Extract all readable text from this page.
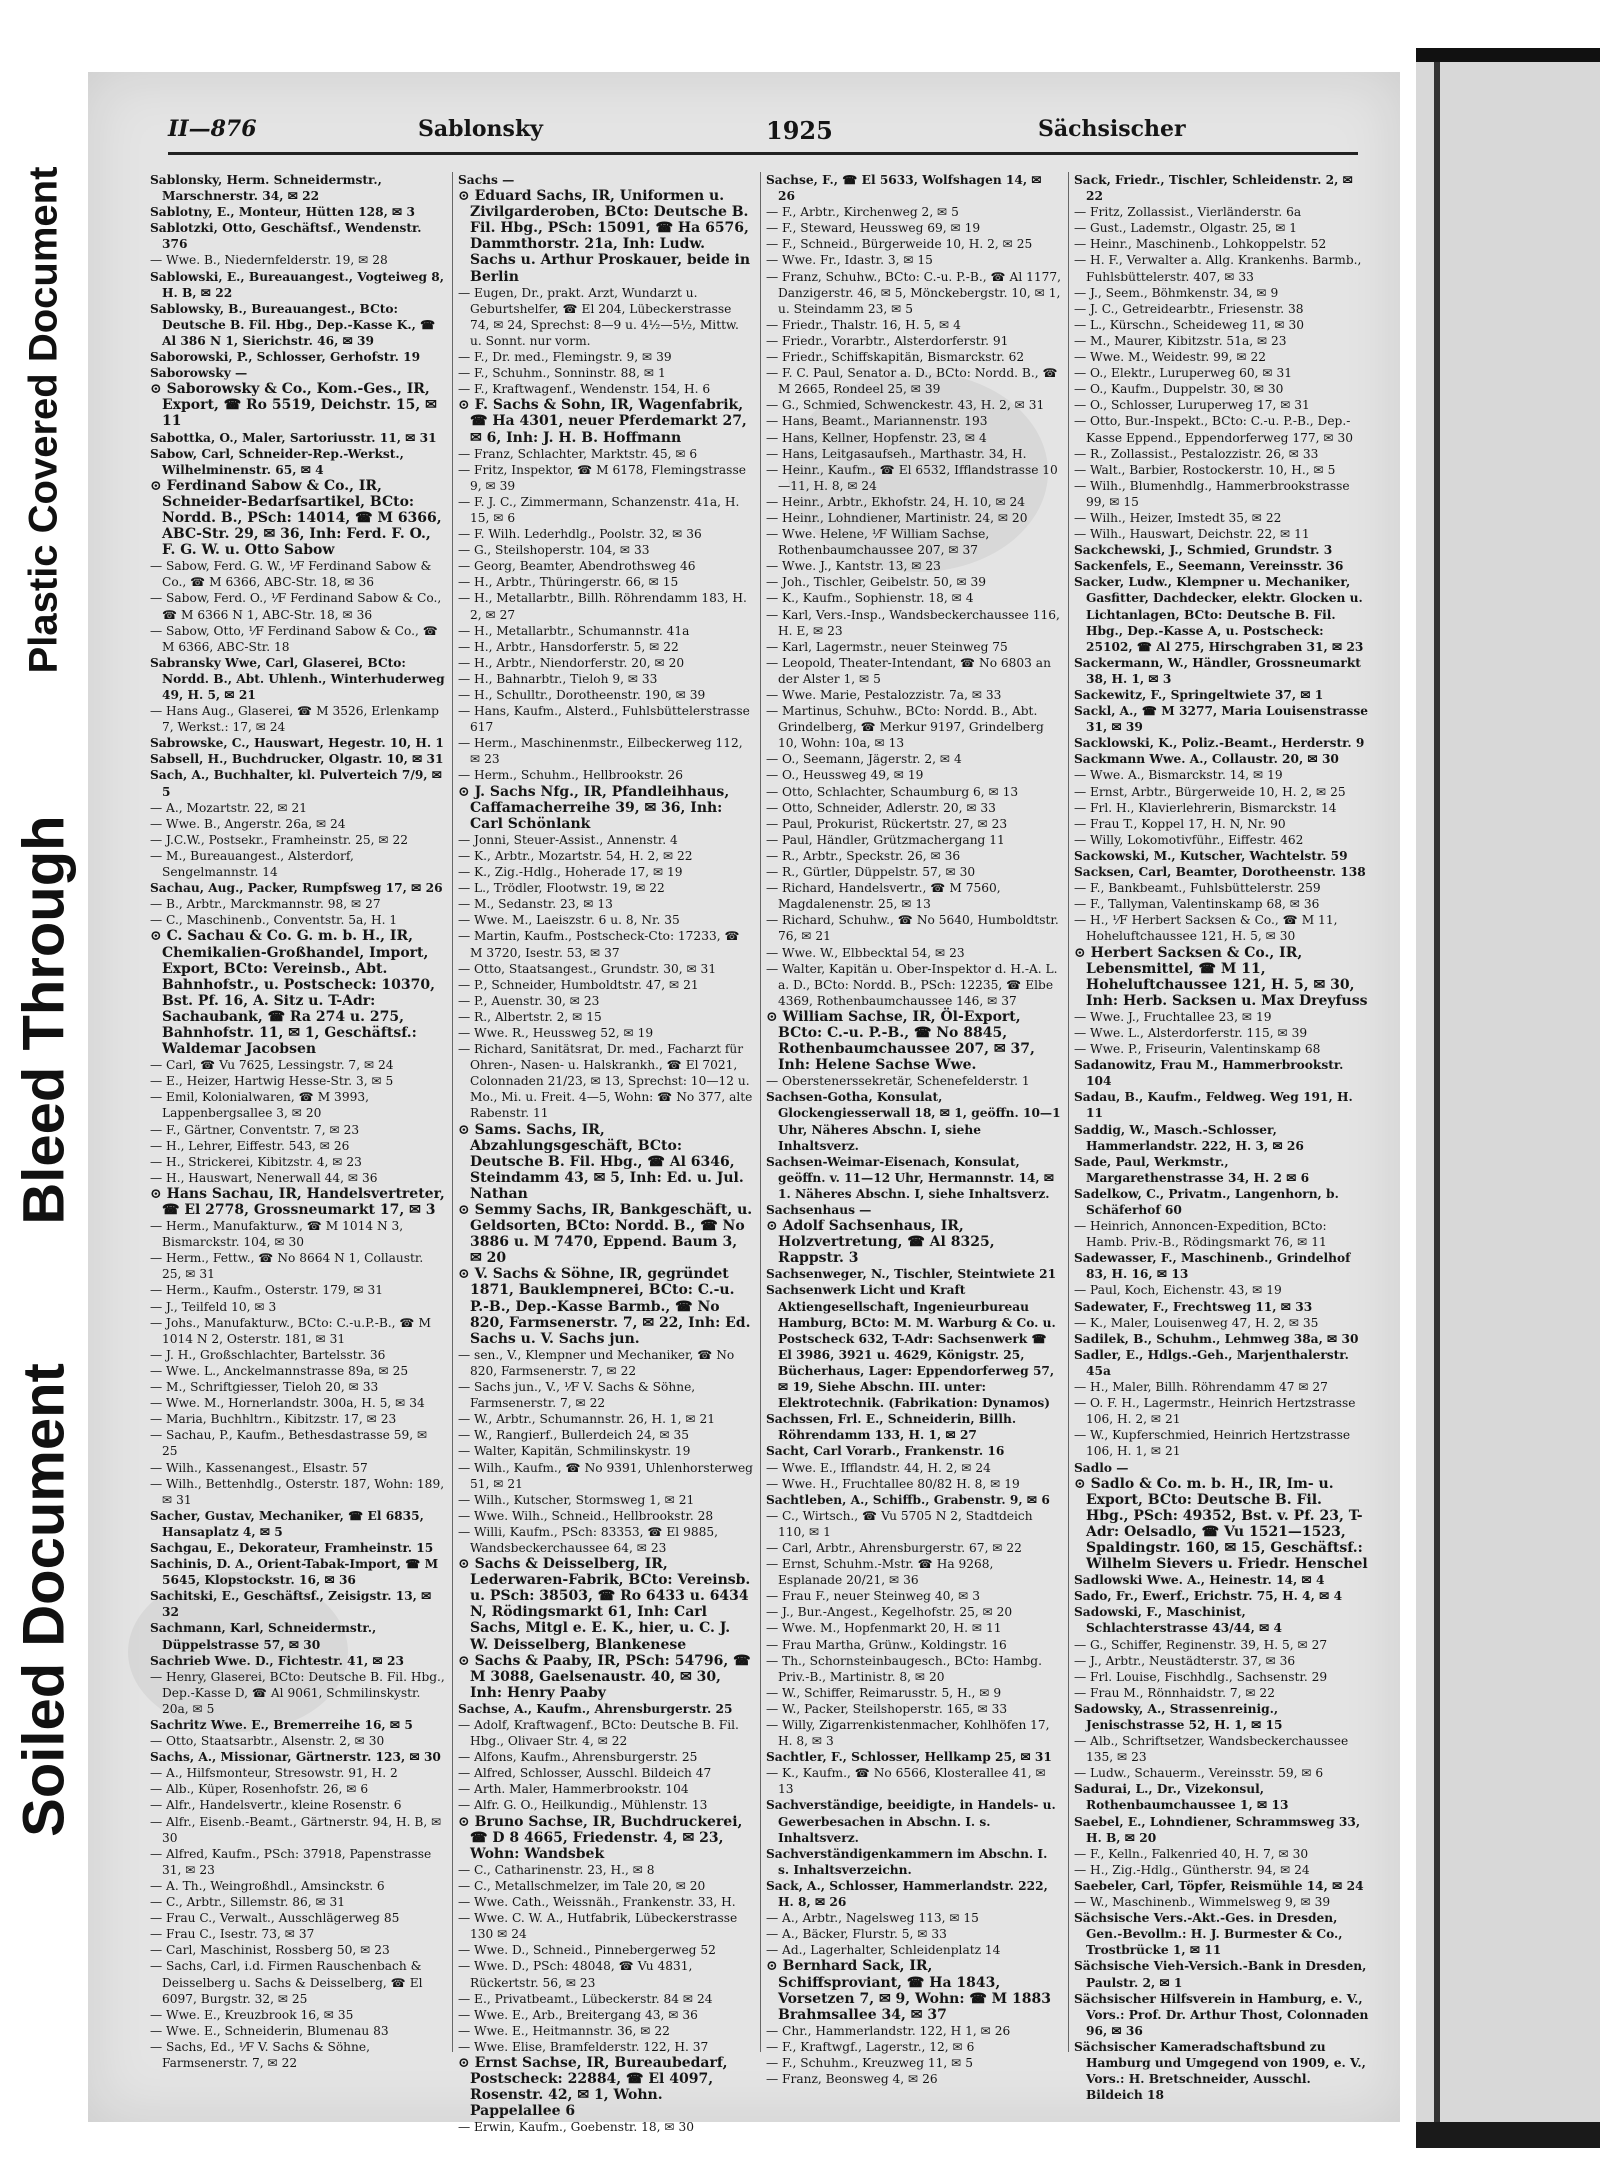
Plastic Covered Document
Bleed Through
Soiled Document
II—876	Sablonsky	1925	Sächsischer

Sablonsky, Herm. Schneidermstr., Marschnerstr. 34, ✉ 22

Sablotny, E., Monteur, Hütten 128, ✉ 3

Sablotzki, Otto, Geschäftsf., Wendenstr. 376

— Wwe. B., Niedernfelderstr. 19, ✉ 28

Sablowski, E., Bureauangest., Vogteiweg 8, H. B, ✉ 22

Sablowsky, B., Bureauangest., BCto: Deutsche B. Fil. Hbg., Dep.-Kasse K., ☎ Al 386 N 1, Sierichstr. 46, ✉ 39

Saborowski, P., Schlosser, Gerhofstr. 19

Saborowsky —

⊙ Saborowsky & Co., Kom.-Ges., IR, Export, ☎ Ro 5519, Deichstr. 15, ✉ 11

Sabottka, O., Maler, Sartoriusstr. 11, ✉ 31

Sabow, Carl, Schneider-Rep.-Werkst., Wilhelminenstr. 65, ✉ 4

⊙ Ferdinand Sabow & Co., IR, Schneider-Bedarfsartikel, BCto: Nordd. B., PSch: 14014, ☎ M 6366, ABC-Str. 29, ✉ 36, Inh: Ferd. F. O., F. G. W. u. Otto Sabow

— Sabow, Ferd. G. W., ⅟F Ferdinand Sabow & Co., ☎ M 6366, ABC-Str. 18, ✉ 36

— Sabow, Ferd. O., ⅟F Ferdinand Sabow & Co., ☎ M 6366 N 1, ABC-Str. 18, ✉ 36

— Sabow, Otto, ⅟F Ferdinand Sabow & Co., ☎ M 6366, ABC-Str. 18

Sabransky Wwe, Carl, Glaserei, BCto: Nordd. B., Abt. Uhlenh., Winterhuderweg 49, H. 5, ✉ 21

— Hans Aug., Glaserei, ☎ M 3526, Erlenkamp 7, Werkst.: 17, ✉ 24

Sabrowske, C., Hauswart, Hegestr. 10, H. 1

Sabsell, H., Buchdrucker, Olgastr. 10, ✉ 31

Sach, A., Buchhalter, kl. Pulverteich 7/9, ✉ 5

— A., Mozartstr. 22, ✉ 21

— Wwe. B., Angerstr. 26a, ✉ 24

— J.C.W., Postsekr., Framheinstr. 25, ✉ 22

— M., Bureauangest., Alsterdorf, Sengelmannstr. 14

Sachau, Aug., Packer, Rumpfsweg 17, ✉ 26

— B., Arbtr., Marckmannstr. 98, ✉ 27

— C., Maschinenb., Conventstr. 5a, H. 1

⊙ C. Sachau & Co. G. m. b. H., IR, Chemikalien-Großhandel, Import, Export, BCto: Vereinsb., Abt. Bahnhofstr., u. Postscheck: 10370, Bst. Pf. 16, A. Sitz u. T-Adr: Sachaubank, ☎ Ra 274 u. 275, Bahnhofstr. 11, ✉ 1, Geschäftsf.: Waldemar Jacobsen

— Carl, ☎ Vu 7625, Lessingstr. 7, ✉ 24

— E., Heizer, Hartwig Hesse-Str. 3, ✉ 5

— Emil, Kolonialwaren, ☎ M 3993, Lappenbergsallee 3, ✉ 20

— F., Gärtner, Conventstr. 7, ✉ 23

— H., Lehrer, Eiffestr. 543, ✉ 26

— H., Strickerei, Kibitzstr. 4, ✉ 23

— H., Hauswart, Nenerwall 44, ✉ 36

⊙ Hans Sachau, IR, Handelsvertreter, ☎ El 2778, Grossneumarkt 17, ✉ 3

— Herm., Manufakturw., ☎ M 1014 N 3, Bismarckstr. 104, ✉ 30

— Herm., Fettw., ☎ No 8664 N 1, Collaustr. 25, ✉ 31

— Herm., Kaufm., Osterstr. 179, ✉ 31

— J., Teilfeld 10, ✉ 3

— Johs., Manufakturw., BCto: C.-u.P.-B., ☎ M 1014 N 2, Osterstr. 181, ✉ 31

— J. H., Großschlachter, Bartelsstr. 36

— Wwe. L., Anckelmannstrasse 89a, ✉ 25

— M., Schriftgiesser, Tieloh 20, ✉ 33

— Wwe. M., Hornerlandstr. 300a, H. 5, ✉ 34

— Maria, Buchhltrn., Kibitzstr. 17, ✉ 23

— Sachau, P., Kaufm., Bethesdastrasse 59, ✉ 25

— Wilh., Kassenangest., Elsastr. 57

— Wilh., Bettenhdlg., Osterstr. 187, Wohn: 189, ✉ 31

Sacher, Gustav, Mechaniker, ☎ El 6835, Hansaplatz 4, ✉ 5

Sachgau, E., Dekorateur, Framheinstr. 15

Sachinis, D. A., Orient-Tabak-Import, ☎ M 5645, Klopstockstr. 16, ✉ 36

Sachitski, E., Geschäftsf., Zeisigstr. 13, ✉ 32

Sachmann, Karl, Schneidermstr., Düppelstrasse 57, ✉ 30

Sachrieb Wwe. D., Fichtestr. 41, ✉ 23

— Henry, Glaserei, BCto: Deutsche B. Fil. Hbg., Dep.-Kasse D, ☎ Al 9061, Schmilinskystr. 20a, ✉ 5

Sachritz Wwe. E., Bremerreihe 16, ✉ 5

— Otto, Staatsarbtr., Alsenstr. 2, ✉ 30

Sachs, A., Missionar, Gärtnerstr. 123, ✉ 30

— A., Hilfsmonteur, Stresowstr. 91, H. 2

— Alb., Küper, Rosenhofstr. 26, ✉ 6

— Alfr., Handelsvertr., kleine Rosenstr. 6

— Alfr., Eisenb.-Beamt., Gärtnerstr. 94, H. B, ✉ 30

— Alfred, Kaufm., PSch: 37918, Papenstrasse 31, ✉ 23

— A. Th., Weingroßhdl., Amsinckstr. 6

— C., Arbtr., Sillemstr. 86, ✉ 31

— Frau C., Verwalt., Ausschlägerweg 85

— Frau C., Isestr. 73, ✉ 37

— Carl, Maschinist, Rossberg 50, ✉ 23

— Sachs, Carl, i.d. Firmen Rauschenbach & Deisselberg u. Sachs & Deisselberg, ☎ El 6097, Burgstr. 32, ✉ 25

— Wwe. E., Kreuzbrook 16, ✉ 35

— Wwe. E., Schneiderin, Blumenau 83

— Sachs, Ed., ⅟F V. Sachs & Söhne, Farmsenerstr. 7, ✉ 22

Sachs —

⊙ Eduard Sachs, IR, Uniformen u. Zivilgarderoben, BCto: Deutsche B. Fil. Hbg., PSch: 15091, ☎ Ha 6576, Dammthorstr. 21a, Inh: Ludw. Sachs u. Arthur Proskauer, beide in Berlin

— Eugen, Dr., prakt. Arzt, Wundarzt u. Geburtshelfer, ☎ El 204, Lübeckerstrasse 74, ✉ 24, Sprechst: 8—9 u. 4½—5½, Mittw. u. Sonnt. nur vorm.

— F., Dr. med., Flemingstr. 9, ✉ 39

— F., Schuhm., Sonninstr. 88, ✉ 1

— F., Kraftwagenf., Wendenstr. 154, H. 6

⊙ F. Sachs & Sohn, IR, Wagenfabrik, ☎ Ha 4301, neuer Pferdemarkt 27, ✉ 6, Inh: J. H. B. Hoffmann

— Franz, Schlachter, Marktstr. 45, ✉ 6

— Fritz, Inspektor, ☎ M 6178, Flemingstrasse 9, ✉ 39

— F. J. C., Zimmermann, Schanzenstr. 41a, H. 15, ✉ 6

— F. Wilh. Lederhdlg., Poolstr. 32, ✉ 36

— G., Steilshoperstr. 104, ✉ 33

— Georg, Beamter, Abendrothsweg 46

— H., Arbtr., Thüringerstr. 66, ✉ 15

— H., Metallarbtr., Billh. Röhrendamm 183, H. 2, ✉ 27

— H., Metallarbtr., Schumannstr. 41a

— H., Arbtr., Hansdorferstr. 5, ✉ 22

— H., Arbtr., Niendorferstr. 20, ✉ 20

— H., Bahnarbtr., Tieloh 9, ✉ 33

— H., Schulltr., Dorotheenstr. 190, ✉ 39

— Hans, Kaufm., Alsterd., Fuhlsbüttelerstrasse 617

— Herm., Maschinenmstr., Eilbeckerweg 112, ✉ 23

— Herm., Schuhm., Hellbrookstr. 26

⊙ J. Sachs Nfg., IR, Pfandleihhaus, Caffamacherreihe 39, ✉ 36, Inh: Carl Schönlank

— Jonni, Steuer-Assist., Annenstr. 4

— K., Arbtr., Mozartstr. 54, H. 2, ✉ 22

— K., Zig.-Hdlg., Hoheradе 17, ✉ 19

— L., Trödler, Flootwstr. 19, ✉ 22

— M., Sedanstr. 23, ✉ 13

— Wwe. M., Laeiszstr. 6 u. 8, Nr. 35

— Martin, Kaufm., Postscheck-Cto: 17233, ☎ M 3720, Isestr. 53, ✉ 37

— Otto, Staatsangest., Grundstr. 30, ✉ 31

— P., Schneider, Humboldtstr. 47, ✉ 21

— P., Auenstr. 30, ✉ 23

— R., Albertstr. 2, ✉ 15

— Wwe. R., Heussweg 52, ✉ 19

— Richard, Sanitätsrat, Dr. med., Facharzt für Ohren-, Nasen- u. Halskrankh., ☎ El 7021, Colonnaden 21/23, ✉ 13, Sprechst: 10—12 u. Mo., Mi. u. Freit. 4—5, Wohn: ☎ No 377, alte Rabenstr. 11

⊙ Sams. Sachs, IR, Abzahlungsgeschäft, BCto: Deutsche B. Fil. Hbg., ☎ Al 6346, Steindamm 43, ✉ 5, Inh: Ed. u. Jul. Nathan

⊙ Semmy Sachs, IR, Bankgeschäft, u. Geldsorten, BCto: Nordd. B., ☎ No 3886 u. M 7470, Eppend. Baum 3, ✉ 20

⊙ V. Sachs & Söhne, IR, gegründet 1871, Bauklempnerei, BCto: C.-u. P.-B., Dep.-Kasse Barmb., ☎ No 820, Farmsenerstr. 7, ✉ 22, Inh: Ed. Sachs u. V. Sachs jun.

— sen., V., Klempner und Mechaniker, ☎ No 820, Farmsenerstr. 7, ✉ 22

— Sachs jun., V., ⅟F V. Sachs & Söhne, Farmsenerstr. 7, ✉ 22

— W., Arbtr., Schumannstr. 26, H. 1, ✉ 21

— W., Rangierf., Bullerdeich 24, ✉ 35

— Walter, Kapitän, Schmilinskystr. 19

— Wilh., Kaufm., ☎ No 9391, Uhlenhorsterweg 51, ✉ 21

— Wilh., Kutscher, Stormsweg 1, ✉ 21

— Wwe. Wilh., Schneid., Hellbrookstr. 28

— Willi, Kaufm., PSch: 83353, ☎ El 9885, Wandsbeckerchaussee 64, ✉ 23

⊙ Sachs & Deisselberg, IR, Lederwaren-Fabrik, BCto: Vereinsb. u. PSch: 38503, ☎ Ro 6433 u. 6434 N, Rödingsmarkt 61, Inh: Carl Sachs, Mitgl e. E. K., hier, u. C. J. W. Deisselberg, Blankenese

⊙ Sachs & Paaby, IR, PSch: 54796, ☎ M 3088, Gaelsenaustr. 40, ✉ 30, Inh: Henry Paaby

Sachse, A., Kaufm., Ahrensburgerstr. 25

— Adolf, Kraftwagenf., BCto: Deutsche B. Fil. Hbg., Olivaer Str. 4, ✉ 22

— Alfons, Kaufm., Ahrensburgerstr. 25

— Alfred, Schlosser, Ausschl. Bildeich 47

— Arth. Maler, Hammerbrookstr. 104

— Alfr. G. O., Heilkundig., Mühlenstr. 13

⊙ Bruno Sachse, IR, Buchdruckerei, ☎ D 8 4665, Friedenstr. 4, ✉ 23, Wohn: Wandsbek

— C., Catharinenstr. 23, H., ✉ 8

— C., Metallschmelzer, im Tale 20, ✉ 20

— Wwe. Cath., Weissnäh., Frankenstr. 33, H.

— Wwe. C. W. A., Hutfabrik, Lübeckerstrasse 130 ✉ 24

— Wwe. D., Schneid., Pinnebergerweg 52

— Wwe. D., PSch: 48048, ☎ Vu 4831, Rückertstr. 56, ✉ 23

— E., Privatbeamt., Lübeckerstr. 84 ✉ 24

— Wwe. E., Arb., Breitergang 43, ✉ 36

— Wwe. E., Heitmannstr. 36, ✉ 22

— Wwe. Elise, Bramfelderstr. 122, H. 37

⊙ Ernst Sachse, IR, Bureaubedarf, Postscheck: 22884, ☎ El 4097, Rosenstr. 42, ✉ 1, Wohn. Pappelallee 6

— Erwin, Kaufm., Goebenstr. 18, ✉ 30

Sachse, F., ☎ El 5633, Wolfshagen 14, ✉ 26

— F., Arbtr., Kirchenweg 2, ✉ 5

— F., Steward, Heussweg 69, ✉ 19

— F., Schneid., Bürgerweide 10, H. 2, ✉ 25

— Wwe. Fr., Idastr. 3, ✉ 15

— Franz, Schuhw., BCto: C.-u. P.-B., ☎ Al 1177, Danzigerstr. 46, ✉ 5, Mönckebergstr. 10, ✉ 1, u. Steindamm 23, ✉ 5

— Friedr., Thalstr. 16, H. 5, ✉ 4

— Friedr., Vorarbtr., Alsterdorferstr. 91

— Friedr., Schiffskapitän, Bismarckstr. 62

— F. C. Paul, Senator a. D., BCto: Nordd. B., ☎ M 2665, Rondeel 25, ✉ 39

— G., Schmied, Schwenckestr. 43, H. 2, ✉ 31

— Hans, Beamt., Mariannenstr. 193

— Hans, Kellner, Hopfenstr. 23, ✉ 4

— Hans, Leitgasaufseh., Marthastr. 34, H.

— Heinr., Kaufm., ☎ El 6532, Ifflandstrasse 10—11, H. 8, ✉ 24

— Heinr., Arbtr., Ekhofstr. 24, H. 10, ✉ 24

— Heinr., Lohndiener, Martinistr. 24, ✉ 20

— Wwe. Helene, ⅟F William Sachse, Rothenbaumchaussee 207, ✉ 37

— Wwe. J., Kantstr. 13, ✉ 23

— Joh., Tischler, Geibelstr. 50, ✉ 39

— K., Kaufm., Sophienstr. 18, ✉ 4

— Karl, Vers.-Insp., Wandsbeckerchaussee 116, H. E, ✉ 23

— Karl, Lagermstr., neuer Steinweg 75

— Leopold, Theater-Intendant, ☎ No 6803 an der Alster 1, ✉ 5

— Wwe. Marie, Pestalozzistr. 7a, ✉ 33

— Martinus, Schuhw., BCto: Nordd. B., Abt. Grindelberg, ☎ Merkur 9197, Grindelberg 10, Wohn: 10a, ✉ 13

— O., Seemann, Jägerstr. 2, ✉ 4

— O., Heussweg 49, ✉ 19

— Otto, Schlachter, Schaumburg 6, ✉ 13

— Otto, Schneider, Adlerstr. 20, ✉ 33

— Paul, Prokurist, Rückertstr. 27, ✉ 23

— Paul, Händler, Grützmachergang 11

— R., Arbtr., Speckstr. 26, ✉ 36

— R., Gürtler, Düppelstr. 57, ✉ 30

— Richard, Handelsvertr., ☎ M 7560, Magdalenenstr. 25, ✉ 13

— Richard, Schuhw., ☎ No 5640, Humboldtstr. 76, ✉ 21

— Wwe. W., Elbbecktal 54, ✉ 23

— Walter, Kapitän u. Ober-Inspektor d. H.-A. L. a. D., BCto: Nordd. B., PSch: 12235, ☎ Elbe 4369, Rothenbaumchaussee 146, ✉ 37

⊙ William Sachse, IR, Öl-Export, BCto: C.-u. P.-B., ☎ No 8845, Rothenbaumchaussee 207, ✉ 37, Inh: Helene Sachse Wwe.

— Oberstenerssekretär, Schenefelderstr. 1

Sachsen-Gotha, Konsulat, Glockengiesserwall 18, ✉ 1, geöffn. 10—1 Uhr, Näheres Abschn. I, siehe Inhaltsverz.

Sachsen-Weimar-Eisenach, Konsulat, geöffn. v. 11—12 Uhr, Hermannstr. 14, ✉ 1. Näheres Abschn. I, siehe Inhaltsverz.

Sachsenhaus —

⊙ Adolf Sachsenhaus, IR, Holzvertretung, ☎ Al 8325, Rappstr. 3

Sachsenweger, N., Tischler, Steintwiete 21

Sachsenwerk Licht und Kraft Aktiengesellschaft, Ingenieurbureau Hamburg, BCto: M. M. Warburg & Co. u. Postscheck 632, T-Adr: Sachsenwerk ☎ El 3986, 3921 u. 4629, Königstr. 25, Bücherhaus, Lager: Eppendorferweg 57, ✉ 19, Siehe Abschn. III. unter: Elektrotechnik. (Fabrikation: Dynamos)

Sachssen, Frl. E., Schneiderin, Billh. Röhrendamm 133, H. 1, ✉ 27

Sacht, Carl Vorarb., Frankenstr. 16

— Wwe. E., Ifflandstr. 44, H. 2, ✉ 24

— Wwe. H., Fruchtallee 80/82 H. 8, ✉ 19

Sachtleben, A., Schiffb., Grabenstr. 9, ✉ 6

— C., Wirtsch., ☎ Vu 5705 N 2, Stadtdeich 110, ✉ 1

— Carl, Arbtr., Ahrensburgerstr. 67, ✉ 22

— Ernst, Schuhm.-Mstr. ☎ Ha 9268, Esplanade 20/21, ✉ 36

— Frau F., neuer Steinweg 40, ✉ 3

— J., Bur.-Angest., Kegelhofstr. 25, ✉ 20

— Wwe. M., Hopfenmarkt 20, H. ✉ 11

— Frau Martha, Grünw., Koldingstr. 16

— Th., Schornsteinbaugesch., BCto: Hambg. Priv.-B., Martinistr. 8, ✉ 20

— W., Schiffer, Reimarusstr. 5, H., ✉ 9

— W., Packer, Steilshoperstr. 165, ✉ 33

— Willy, Zigarrenkistenmacher, Kohlhöfen 17, H. 8, ✉ 3

Sachtler, F., Schlosser, Hellkamp 25, ✉ 31

— K., Kaufm., ☎ No 6566, Klosterallee 41, ✉ 13

Sachverständige, beeidigte, in Handels- u. Gewerbesachen in Abschn. I. s. Inhaltsverz.

Sachverständigenkammern im Abschn. I. s. Inhaltsverzeichn.

Sack, A., Schlosser, Hammerlandstr. 222, H. 8, ✉ 26

— A., Arbtr., Nagelsweg 113, ✉ 15

— A., Bäcker, Flurstr. 5, ✉ 33

— Ad., Lagerhalter, Schleidenplatz 14

⊙ Bernhard Sack, IR, Schiffsproviant, ☎ Ha 1843, Vorsetzen 7, ✉ 9, Wohn: ☎ M 1883 Brahmsallee 34, ✉ 37

— Chr., Hammerlandstr. 122, H 1, ✉ 26

— F., Kraftwgf., Lagerstr., 12, ✉ 6

— F., Schuhm., Kreuzweg 11, ✉ 5

— Franz, Beonsweg 4, ✉ 26

Sack, Friedr., Tischler, Schleidenstr. 2, ✉ 22

— Fritz, Zollassist., Vierländerstr. 6a

— Gust., Lademstr., Olgastr. 25, ✉ 1

— Heinr., Maschinenb., Lohkoppelstr. 52

— H. F., Verwalter a. Allg. Krankenhs. Barmb., Fuhlsbüttelerstr. 407, ✉ 33

— J., Seem., Böhmkenstr. 34, ✉ 9

— J. C., Getreidearbtr., Friesenstr. 38

— L., Kürschn., Scheideweg 11, ✉ 30

— M., Maurer, Kibitzstr. 51a, ✉ 23

— Wwe. M., Weidestr. 99, ✉ 22

— O., Elektr., Luruperweg 60, ✉ 31

— O., Kaufm., Duppelstr. 30, ✉ 30

— O., Schlosser, Luruperweg 17, ✉ 31

— Otto, Bur.-Inspekt., BCto: C.-u. P.-B., Dep.-Kasse Eppend., Eppendorferweg 177, ✉ 30

— R., Zollassist., Pestalozzistr. 26, ✉ 33

— Walt., Barbier, Rostockerstr. 10, H., ✉ 5

— Wilh., Blumenhdlg., Hammerbrookstrasse 99, ✉ 15

— Wilh., Heizer, Imstedt 35, ✉ 22

— Wilh., Hauswart, Deichstr. 22, ✉ 11

Sackchewski, J., Schmied, Grundstr. 3

Sackenfels, E., Seemann, Vereinsstr. 36

Sacker, Ludw., Klempner u. Mechaniker, Gasfitter, Dachdecker, elektr. Glocken u. Lichtanlagen, BCto: Deutsche B. Fil. Hbg., Dep.-Kasse A, u. Postscheck: 25102, ☎ Al 275, Hirschgraben 31, ✉ 23

Sackermann, W., Händler, Grossneumarkt 38, H. 1, ✉ 3

Sackewitz, F., Springeltwiete 37, ✉ 1

Sackl, A., ☎ M 3277, Maria Louisenstrasse 31, ✉ 39

Sacklowski, K., Poliz.-Beamt., Herderstr. 9

Sackmann Wwe. A., Collaustr. 20, ✉ 30

— Wwe. A., Bismarckstr. 14, ✉ 19

— Ernst, Arbtr., Bürgerweide 10, H. 2, ✉ 25

— Frl. H., Klavierlehrerin, Bismarckstr. 14

— Frau T., Koppel 17, H. N, Nr. 90

— Willy, Lokomotivführ., Eiffestr. 462

Sackowski, M., Kutscher, Wachtelstr. 59

Sacksen, Carl, Beamter, Dorotheenstr. 138

— F., Bankbeamt., Fuhlsbüttelerstr. 259

— F., Tallyman, Valentinskamp 68, ✉ 36

— H., ⅟F Herbert Sacksen & Co., ☎ M 11, Hoheluftchaussee 121, H. 5, ✉ 30

⊙ Herbert Sacksen & Co., IR, Lebensmittel, ☎ M 11, Hoheluftchaussee 121, H. 5, ✉ 30, Inh: Herb. Sacksen u. Max Dreyfuss

— Wwe. J., Fruchtallee 23, ✉ 19

— Wwe. L., Alsterdorferstr. 115, ✉ 39

— Wwe. P., Friseurin, Valentinskamp 68

Sadanowitz, Frau M., Hammerbrookstr. 104

Sadau, B., Kaufm., Feldweg. Weg 191, H. 11

Saddig, W., Masch.-Schlosser, Hammerlandstr. 222, H. 3, ✉ 26

Sade, Paul, Werkmstr., Margarethenstrasse 34, H. 2 ✉ 6

Sadelkow, C., Privatm., Langenhorn, b. Schäferhof 60

— Heinrich, Annoncen-Expedition, BCto: Hamb. Priv.-B., Rödingsmarkt 76, ✉ 11

Sadewasser, F., Maschinenb., Grindelhof 83, H. 16, ✉ 13

— Paul, Koch, Eichenstr. 43, ✉ 19

Sadewater, F., Frechtsweg 11, ✉ 33

— K., Maler, Louisenweg 47, H. 2, ✉ 35

Sadilek, B., Schuhm., Lehmweg 38a, ✉ 30

Sadler, E., Hdlgs.-Geh., Marjenthalerstr. 45a

— H., Maler, Billh. Röhrendamm 47 ✉ 27

— O. F. H., Lagermstr., Heinrich Hertzstrasse 106, H. 2, ✉ 21

— W., Kupferschmied, Heinrich Hertzstrasse 106, H. 1, ✉ 21

Sadlo —

⊙ Sadlo & Co. m. b. H., IR, Im- u. Export, BCto: Deutsche B. Fil. Hbg., PSch: 49352, Bst. v. Pf. 23, T-Adr: Oelsadlo, ☎ Vu 1521—1523, Spaldingstr. 160, ✉ 15, Geschäftsf.: Wilhelm Sievers u. Friedr. Henschel

Sadlowski Wwe. A., Heinestr. 14, ✉ 4

Sado, Fr., Ewerf., Erichstr. 75, H. 4, ✉ 4

Sadowski, F., Maschinist, Schlachterstrasse 43/44, ✉ 4

— G., Schiffer, Reginenstr. 39, H. 5, ✉ 27

— J., Arbtr., Neustädterstr. 37, ✉ 36

— Frl. Louise, Fischhdlg., Sachsenstr. 29

— Frau M., Rönnhaidstr. 7, ✉ 22

Sadowsky, A., Strassenreinig., Jenischstrasse 52, H. 1, ✉ 15

— Alb., Schriftsetzer, Wandsbeckerchaussee 135, ✉ 23

— Ludw., Schauerm., Vereinsstr. 59, ✉ 6

Sadurai, L., Dr., Vizekonsul, Rothenbaumchaussee 1, ✉ 13

Saebel, E., Lohndiener, Schrammsweg 33, H. B, ✉ 20

— F., Kelln., Falkenried 40, H. 7, ✉ 30

— H., Zig.-Hdlg., Güntherstr. 94, ✉ 24

Saebeler, Carl, Töpfer, Reismühle 14, ✉ 24

— W., Maschinenb., Wimmelsweg 9, ✉ 39

Sächsische Vers.-Akt.-Ges. in Dresden, Gen.-Bevollm.: H. J. Burmester & Co., Trostbrücke 1, ✉ 11

Sächsische Vieh-Versich.-Bank in Dresden, Paulstr. 2, ✉ 1

Sächsischer Hilfsverein in Hamburg, e. V., Vors.: Prof. Dr. Arthur Thost, Colonnaden 96, ✉ 36

Sächsischer Kameradschaftsbund zu Hamburg und Umgegend von 1909, e. V., Vors.: H. Bretschneider, Ausschl. Bildeich 18
